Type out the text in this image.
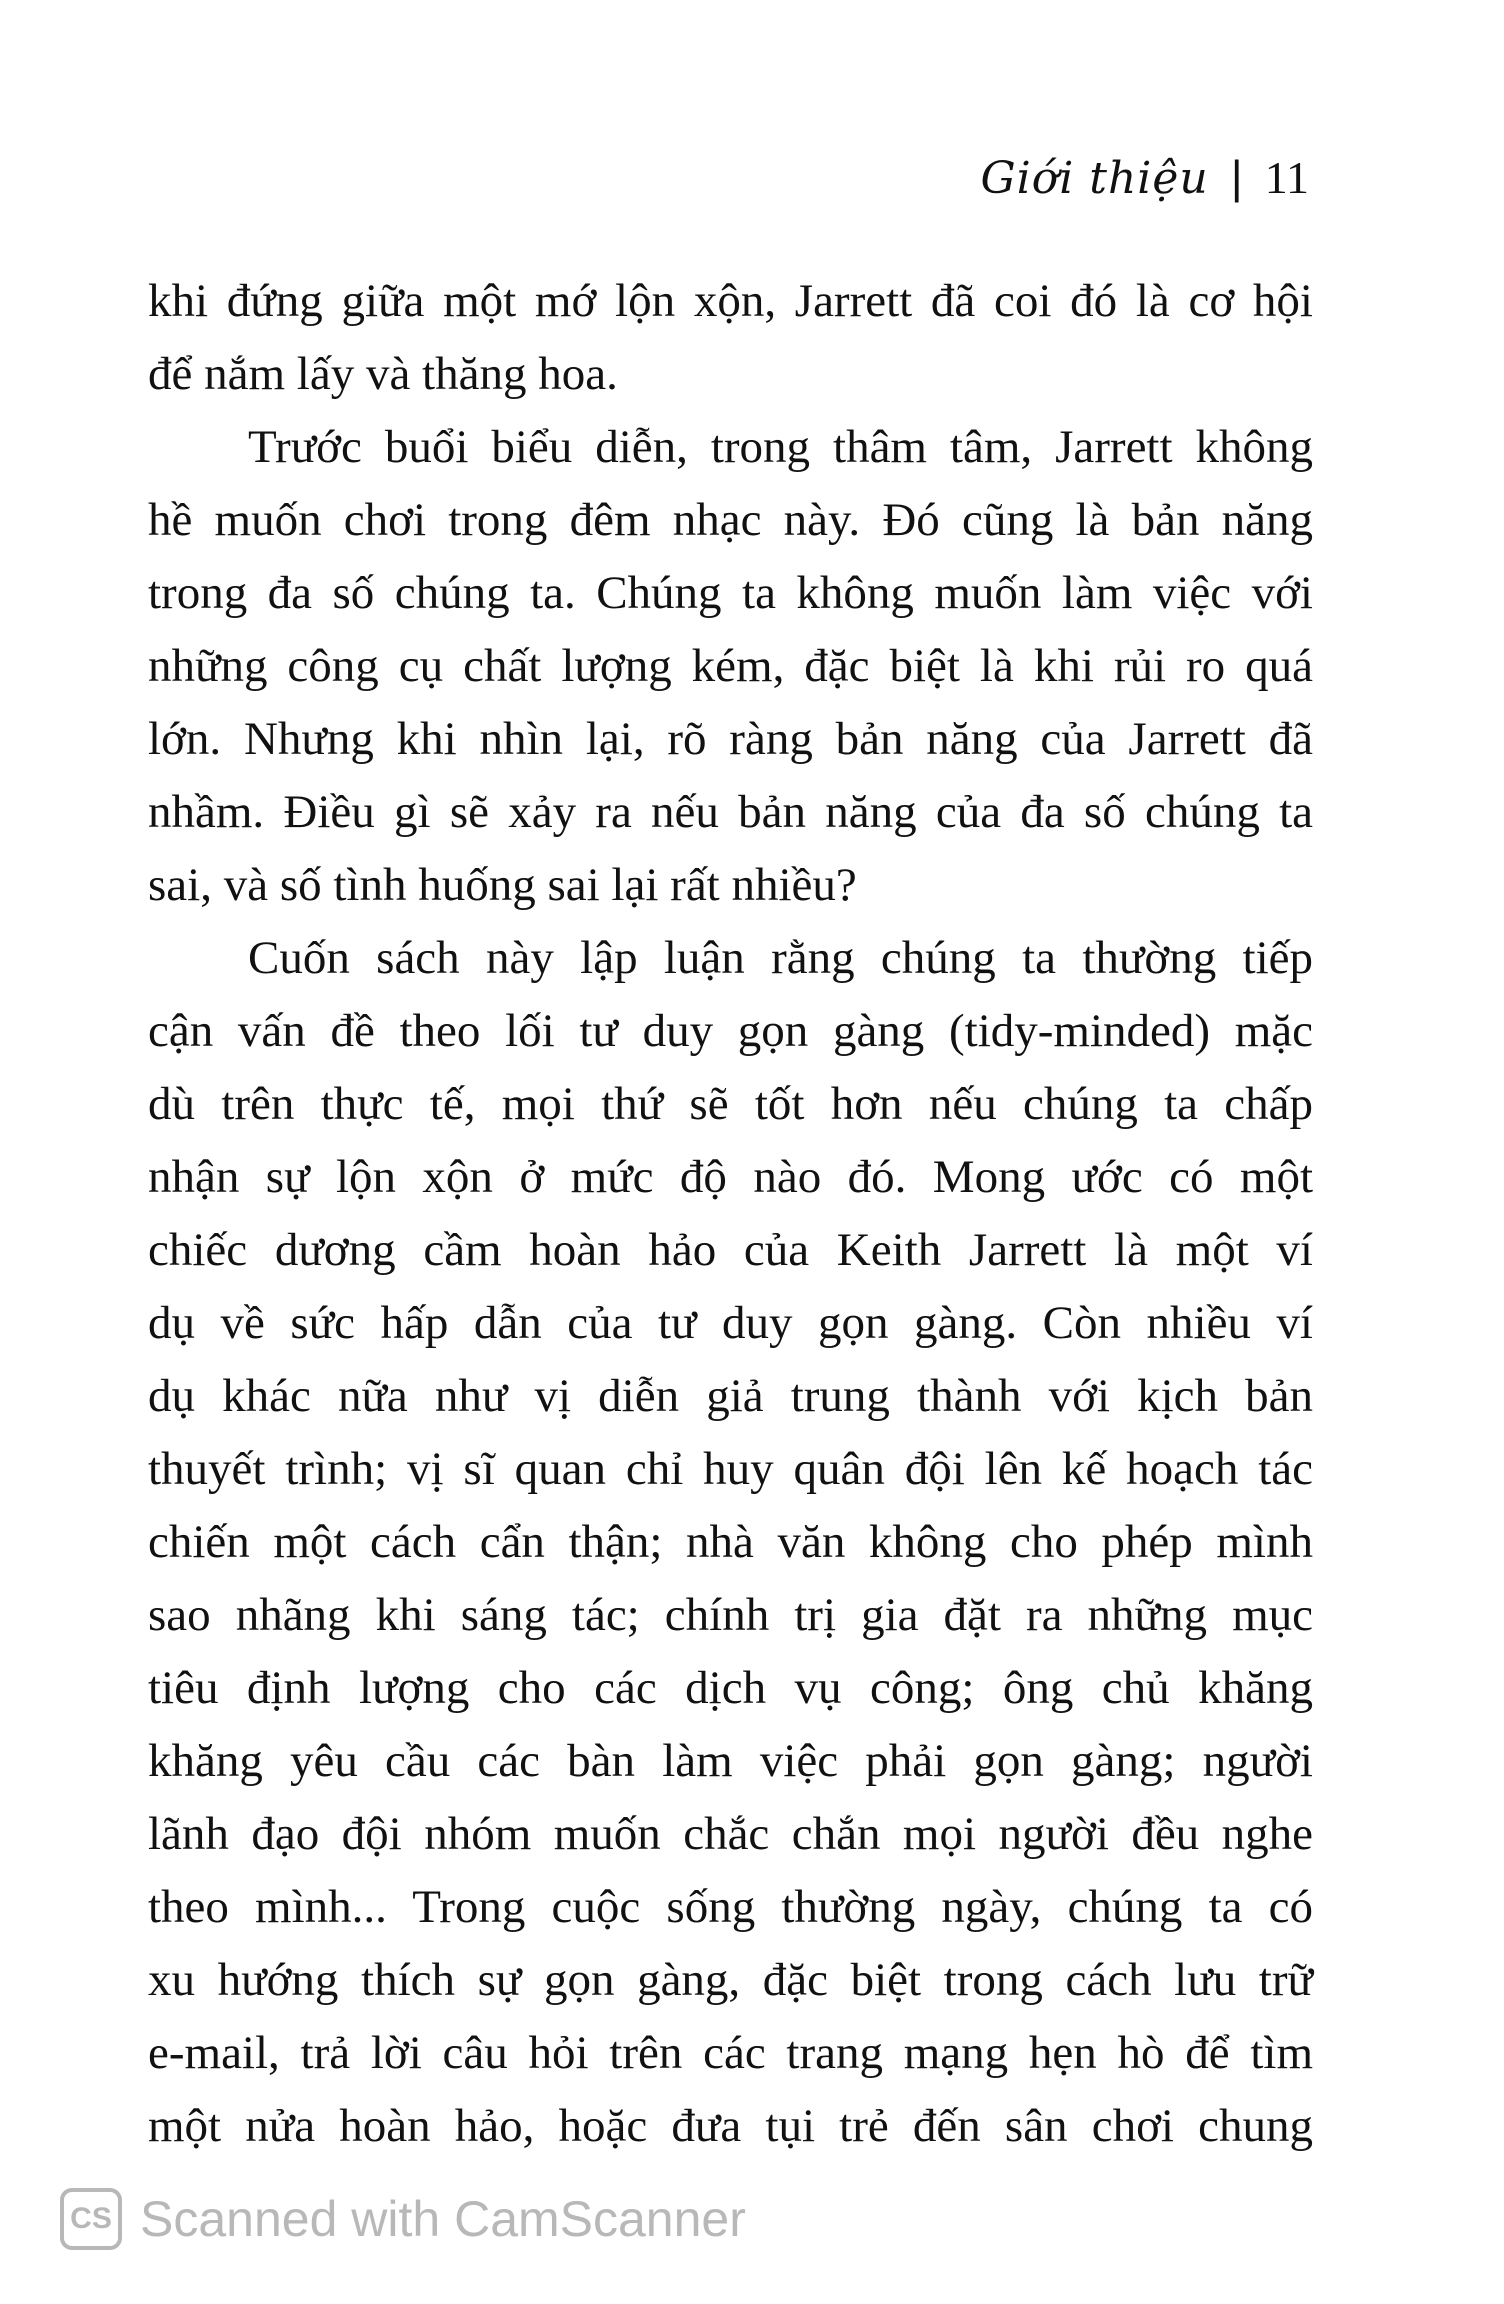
Giới thiệu | 11
khi đứng giữa một mớ lộn xộn, Jarrett đã coi đó là cơ hội
để nắm lấy và thăng hoa.
Trước buổi biểu diễn, trong thâm tâm, Jarrett không
hề muốn chơi trong đêm nhạc này. Đó cũng là bản năng
trong đa số chúng ta. Chúng ta không muốn làm việc với
những công cụ chất lượng kém, đặc biệt là khi rủi ro quá
lớn. Nhưng khi nhìn lại, rõ ràng bản năng của Jarrett đã
nhầm. Điều gì sẽ xảy ra nếu bản năng của đa số chúng ta
sai, và số tình huống sai lại rất nhiều?
Cuốn sách này lập luận rằng chúng ta thường tiếp
cận vấn đề theo lối tư duy gọn gàng (tidy-minded) mặc
dù trên thực tế, mọi thứ sẽ tốt hơn nếu chúng ta chấp
nhận sự lộn xộn ở mức độ nào đó. Mong ước có một
chiếc dương cầm hoàn hảo của Keith Jarrett là một ví
dụ về sức hấp dẫn của tư duy gọn gàng. Còn nhiều ví
dụ khác nữa như vị diễn giả trung thành với kịch bản
thuyết trình; vị sĩ quan chỉ huy quân đội lên kế hoạch tác
chiến một cách cẩn thận; nhà văn không cho phép mình
sao nhãng khi sáng tác; chính trị gia đặt ra những mục
tiêu định lượng cho các dịch vụ công; ông chủ khăng
khăng yêu cầu các bàn làm việc phải gọn gàng; người
lãnh đạo đội nhóm muốn chắc chắn mọi người đều nghe
theo mình... Trong cuộc sống thường ngày, chúng ta có
xu hướng thích sự gọn gàng, đặc biệt trong cách lưu trữ
e-mail, trả lời câu hỏi trên các trang mạng hẹn hò để tìm
một nửa hoàn hảo, hoặc đưa tụi trẻ đến sân chơi chung
CS Scanned with CamScanner
